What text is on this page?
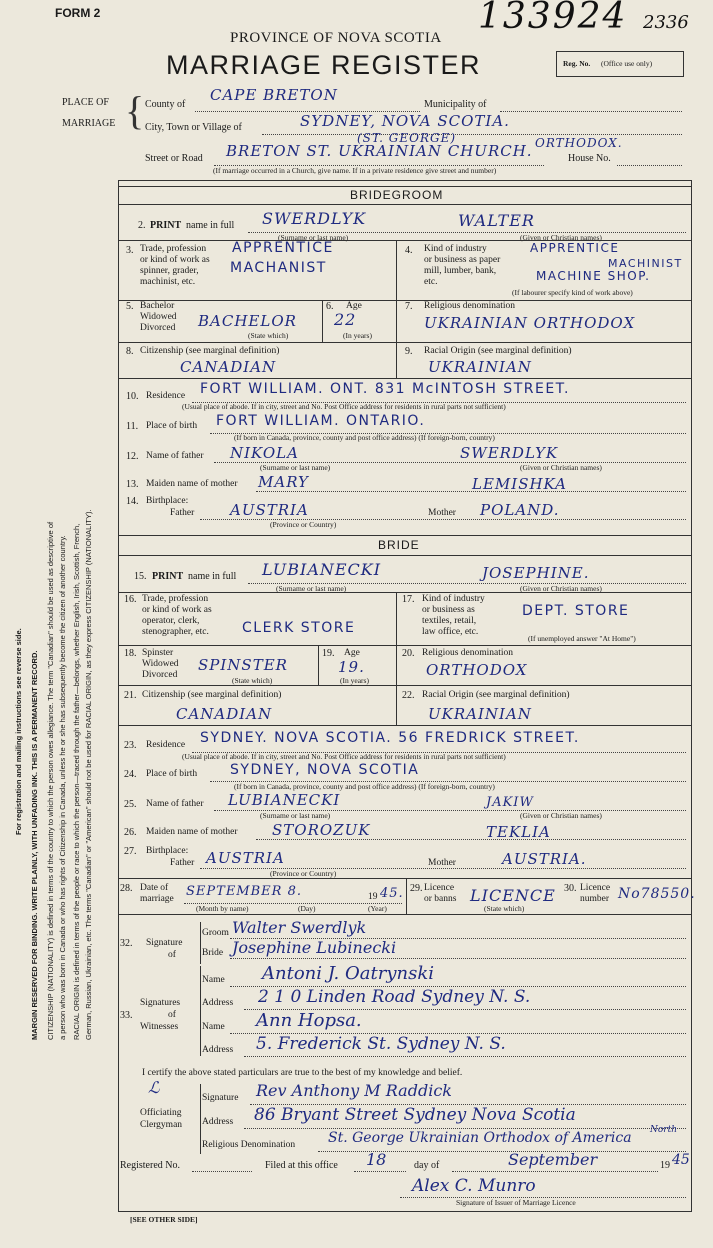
FORM 2	133924 2336
PROVINCE OF NOVA SCOTIA
MARRIAGE REGISTER	Reg. No. (Office use only)
For registration and mailing instructions see reverse side. MARGIN RESERVED FOR BINDING. WRITE PLAINLY, WITH UNFADING INK. THIS IS A PERMANENT RECORD. CITIZENSHIP (NATIONALITY) is defined in terms of the country to which the person owes allegiance. The term "Canadian" should be used as descriptive of a person who was born in Canada or who has rights of Citizenship in Canada, unless he or she has subsequently become the citizen of another country. RACIAL ORIGIN is defined in terms of the people or race to which the person—traced through the father—belongs, whether English, Irish, Scottish, French, German, Russian, Ukrainian, etc. The terms "Canadian" or "American" should not be used for RACIAL ORIGIN, as they express CITIZENSHIP (NATIONALITY).
PLACE OF
MARRIAGE { County of
CAPE BRETON
Municipality of
City, Town or Village of	SYDNEY, NOVA SCOTIA.
(ST. GEORGE)	ORTHODOX.
Street or Road BRETON ST. UKRAINIAN CHURCH.	House No.
(If marriage occurred in a Church, give name. If in a private residence give street and number)
BRIDEGROOM
2. PRINT name in full SWERDLYK	WALTER
(Surname or last name)	(Given or Christian names)
3. Trade, profession
or kind of work as
spinner, grader,
machinist, etc.
APPRENTICE
MACHANIST
4. Kind of industry
or business as paper
mill, lumber, bank,
etc.
APPRENTICE
MACHINIST
MACHINE SHOP.
(If labourer specify kind of work above)
5. Bachelor
Widowed
Divorced BACHELOR
(State which)
6. Age
22
(In years)
7. Religious denomination
UKRAINIAN ORTHODOX
8. Citizenship (see marginal definition)
CANADIAN
9. Racial Origin (see marginal definition)
UKRAINIAN
10. Residence FORT WILLIAM. ONT. 831 McINTOSH STREET.
(Usual place of abode. If in city, street and No. Post Office address for residents in rural parts not sufficient)
11. Place of birth FORT WILLIAM. ONTARIO.
(If born in Canada, province, county and post office address) (If foreign-born, country)
12. Name of father NIKOLA	SWERDLYK
(Surname or last name)	(Given or Christian names)
13. Maiden name of mother MARY	LEMISHKA
14. Birthplace:
Father AUSTRIA	Mother POLAND.
(Province or Country)
BRIDE
15. PRINT name in full LUBIANECKI	JOSEPHINE.
(Surname or last name)	(Given or Christian names)
16. Trade, profession
or kind of work as
operator, clerk,
stenographer, etc. CLERK STORE
17. Kind of industry
or business as
textiles, retail,
law office, etc.
DEPT. STORE
(If unemployed answer "At Home")
18. Spinster
Widowed
Divorced
SPINSTER
(State which)
19. Age
19.
(In years)
20. Religious denomination
ORTHODOX
21. Citizenship (see marginal definition)
CANADIAN
22. Racial Origin (see marginal definition)
UKRAINIAN
23. Residence SYDNEY. NOVA SCOTIA. 56 FREDRICK STREET.
(Usual place of abode. If in city, street and No. Post Office address for residents in rural parts not sufficient)
24. Place of birth SYDNEY, NOVA SCOTIA
(If born in Canada, province, county and post office address) (If foreign-born, country)
25. Name of father LUBIANECKI	JAKIW
(Surname or last name)	(Given or Christian names)
26. Maiden name of mother STOROZUK	TEKLIA
27. Birthplace:
Father AUSTRIA	Mother	AUSTRIA.
(Province or Country)
28. Date of
marriage SEPTEMBER 8.	19 45.
(Month by name)	(Day)	(Year)
29. Licence
or banns LICENCE
(State which)
30. Licence
number No78550.
32. Signature
of
Groom Walter Swerdlyk
Bride Josephine Lubinecki
Signatures
of
Witnesses
33.
Name Antoni J. Oatrynski
Address 2 1 0 Linden Road Sydney N. S.
Name Ann Hopsa.
Address 5. Frederick St. Sydney N. S.
I certify the above stated particulars are true to the best of my knowledge and belief.
ℒ
Officiating
Clergyman
Signature Rev Anthony M Raddick
Address 86 Bryant Street Sydney Nova Scotia
Religious Denomination St. George Ukrainian Orthodox of America North
Registered No.	Filed at this office 18	day of	September	19 45
Alex C. Munro
Signature of Issuer of Marriage Licence
[SEE OTHER SIDE]
